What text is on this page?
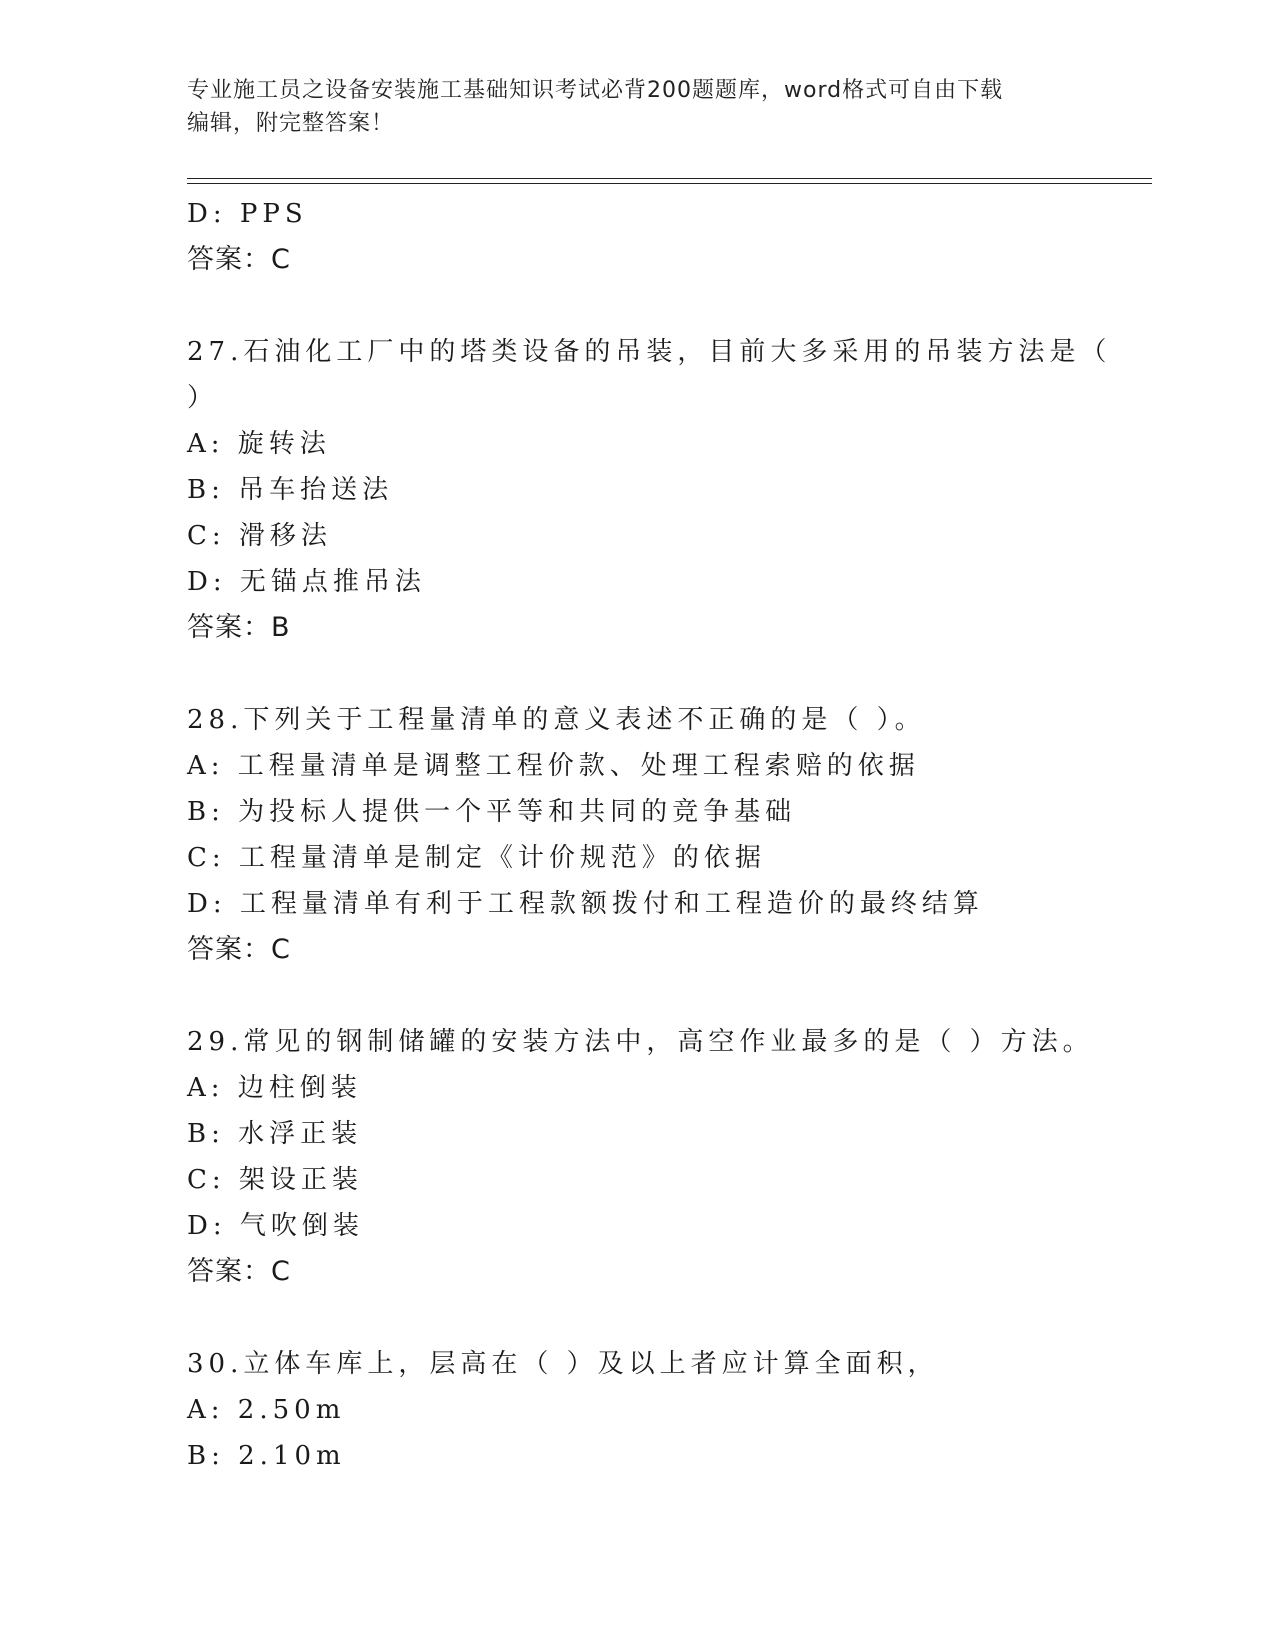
专业施工员之设备安装施工基础知识考试必背200题题库，word格式可自由下载
编辑，附完整答案！
D: PPS
答案：C
27.石油化工厂中的塔类设备的吊装，目前大多采用的吊装方法是（
）
A: 旋转法
B: 吊车抬送法
C: 滑移法
D: 无锚点推吊法
答案：B
28.下列关于工程量清单的意义表述不正确的是（ ）。
A: 工程量清单是调整工程价款、处理工程索赔的依据
B: 为投标人提供一个平等和共同的竞争基础
C: 工程量清单是制定《计价规范》的依据
D: 工程量清单有利于工程款额拨付和工程造价的最终结算
答案：C
29.常见的钢制储罐的安装方法中，高空作业最多的是（ ）方法。
A: 边柱倒装
B: 水浮正装
C: 架设正装
D: 气吹倒装
答案：C
30.立体车库上，层高在（ ）及以上者应计算全面积，
A: 2.50m
B: 2.10m
